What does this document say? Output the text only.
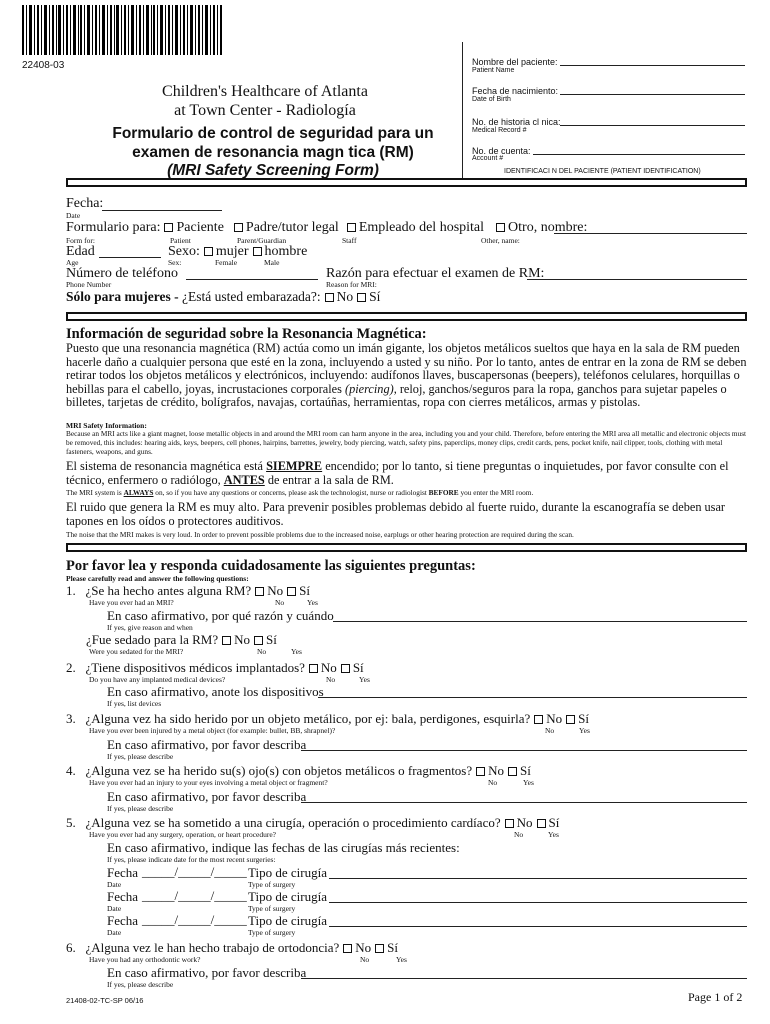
22408-03
Children's Healthcare of Atlanta
at Town Center - Radiología
Formulario de control de seguridad para un
examen de resonancia magn tica (RM)
(MRI Safety Screening Form)
Nombre del paciente:
Patient Name
Fecha de nacimiento:
Date of Birth
No. de historia cl nica:
Medical Record #
No. de cuenta:
Account #
IDENTIFICACI N DEL PACIENTE (PATIENT IDENTIFICATION)
Fecha:
Date
Formulario para: Paciente Padre/tutor legal Empleado del hospital Otro, nombre:
Form for:	Patient	Parent/Guardian	Staff	Other, name:
Edad	Sexo: mujer hombre
Age	Sex:	Female	Male
Número de teléfono	Razón para efectuar el examen de RM:
Phone Number	Reason for MRI:
Sólo para mujeres - ¿Está usted embarazada?: No Sí
Información de seguridad sobre la Resonancia Magnética:
Puesto que una resonancia magnética (RM) actúa como un imán gigante, los objetos metálicos sueltos que haya en la sala de RM pueden hacerle daño a cualquier persona que esté en la zona, incluyendo a usted y su niño. Por lo tanto, antes de entrar en la zona de RM se deben retirar todos los objetos metálicos y electrónicos, incluyendo: audífonos llaves, buscapersonas (beepers), teléfonos celulares, horquillas o hebillas para el cabello, joyas, incrustaciones corporales (piercing), reloj, ganchos/seguros para la ropa, ganchos para sujetar papeles o billetes, tarjetas de crédito, bolígrafos, navajas, cortaúñas, herramientas, ropa con cierres metálicos, armas y pistolas.
MRI Safety Information:
Because an MRI acts like a giant magnet, loose metallic objects in and around the MRI room can harm anyone in the area, including you and your child. Therefore, before entering the MRI area all metallic and electronic objects must be removed, this includes: hearing aids, keys, beepers, cell phones, hairpins, barrettes, jewelry, body piercing, watch, safety pins, paperclips, money clips, credit cards, pens, pocket knife, nail clipper, tools, clothing with metal fasteners, weapons, and guns.
El sistema de resonancia magnética está SIEMPRE encendido; por lo tanto, si tiene preguntas o inquietudes, por favor consulte con el técnico, enfermero o radiólogo, ANTES de entrar a la sala de RM.
The MRI system is ALWAYS on, so if you have any questions or concerns, please ask the technologist, nurse or radiologist BEFORE you enter the MRI room.
El ruido que genera la RM es muy alto. Para prevenir posibles problemas debido al fuerte ruido, durante la escanografía se deben usar tapones en los oídos o protectores auditivos.
The noise that the MRI makes is very loud. In order to prevent possible problems due to the increased noise, earplugs or other hearing protection are required during the scan.
Por favor lea y responda cuidadosamente las siguientes preguntas:
Please carefully read and answer the following questions:
1. ¿Se ha hecho antes alguna RM? No Sí
Have you ever had an MRI?	No	Yes
En caso afirmativo, por qué razón y cuándo
If yes, give reason and when
¿Fue sedado para la RM? No Sí
Were you sedated for the MRI?	No	Yes
2. ¿Tiene dispositivos médicos implantados? No Sí
Do you have any implanted medical devices?	No	Yes
En caso afirmativo, anote los dispositivos
If yes, list devices
3. ¿Alguna vez ha sido herido por un objeto metálico, por ej: bala, perdigones, esquirla? No Sí
Have you ever been injured by a metal object (for example: bullet, BB, shrapnel)?	No	Yes
En caso afirmativo, por favor describa
If yes, please describe
4. ¿Alguna vez se ha herido su(s) ojo(s) con objetos metálicos o fragmentos? No Sí
Have you ever had an injury to your eyes involving a metal object or fragment?	No	Yes
En caso afirmativo, por favor describa
If yes, please describe
5. ¿Alguna vez se ha sometido a una cirugía, operación o procedimiento cardíaco? No Sí
Have you ever had any surgery, operation, or heart procedure?	No	Yes
En caso afirmativo, indique las fechas de las cirugías más recientes:
If yes, please indicate date for the most recent surgeries:
Fecha _____/_____/_____ Tipo de cirugía
Date	Type of surgery
Fecha _____/_____/_____ Tipo de cirugía
Date	Type of surgery
Fecha _____/_____/_____ Tipo de cirugía
Date	Type of surgery
6. ¿Alguna vez le han hecho trabajo de ortodoncia? No Sí
Have you had any orthodontic work?	No	Yes
En caso afirmativo, por favor describa
If yes, please describe
21408-02-TC-SP 06/16	Page 1 of 2
